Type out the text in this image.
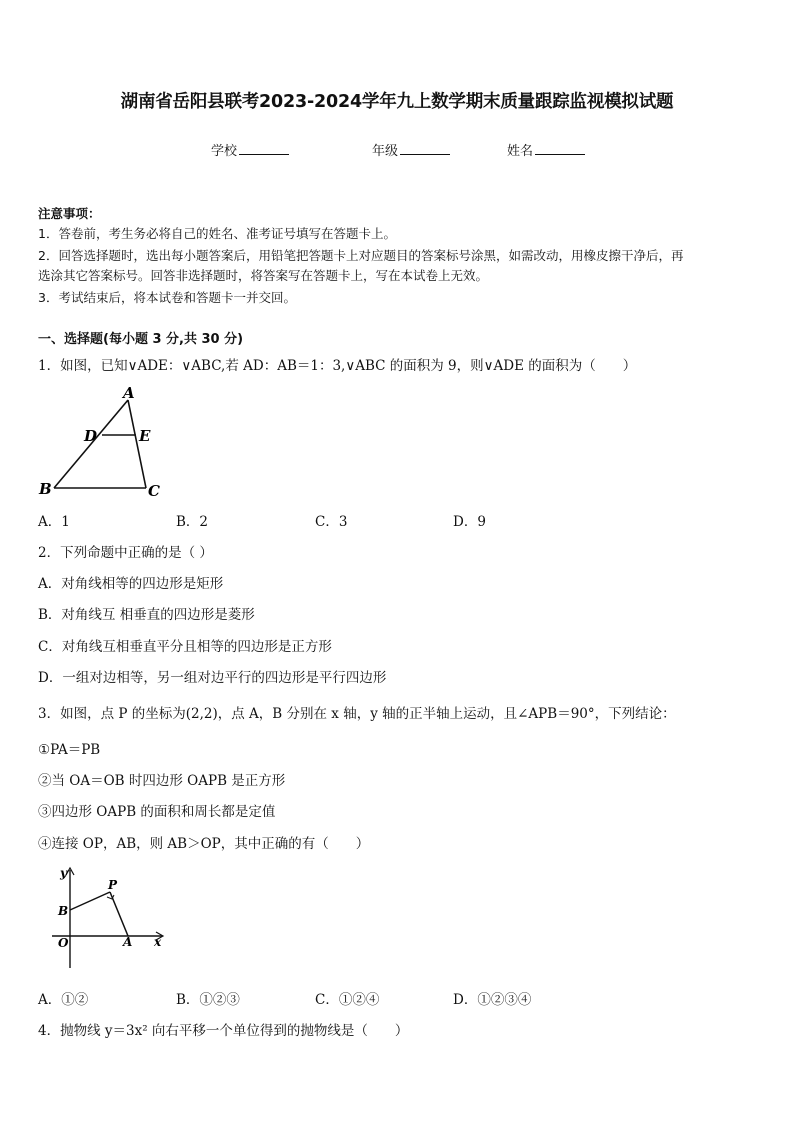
湖南省岳阳县联考2023-2024学年九上数学期末质量跟踪监视模拟试题
学校	年级	姓名
注意事项：
1．答卷前，考生务必将自己的姓名、准考证号填写在答题卡上。
2．回答选择题时，选出每小题答案后，用铅笔把答题卡上对应题目的答案标号涂黑，如需改动，用橡皮擦干净后，再
选涂其它答案标号。回答非选择题时，将答案写在答题卡上，写在本试卷上无效。
3．考试结束后，将本试卷和答题卡一并交回。
一、选择题(每小题 3 分,共 30 分)
1．如图，已知∨ADE：∨ABC,若 AD：AB＝1：3,∨ABC 的面积为 9，则∨ADE 的面积为（　　）
A
D	E
B	C
A．1	B．2	C．3	D．9
2．下列命题中正确的是（ ）
A．对角线相等的四边形是矩形
B．对角线互 相垂直的四边形是菱形
C．对角线互相垂直平分且相等的四边形是正方形
D．一组对边相等，另一组对边平行的四边形是平行四边形
3．如图，点 P 的坐标为(2,2)，点 A，B 分别在 x 轴，y 轴的正半轴上运动，且∠APB＝90°，下列结论：
①PA＝PB
②当 OA＝OB 时四边形 OAPB 是正方形
③四边形 OAPB 的面积和周长都是定值
④连接 OP，AB，则 AB＞OP，其中正确的有（　　）
y
P
B
O	A x
A．①②	B．①②③	C．①②④	D．①②③④
4．抛物线 y＝3x² 向右平移一个单位得到的抛物线是（　　）
